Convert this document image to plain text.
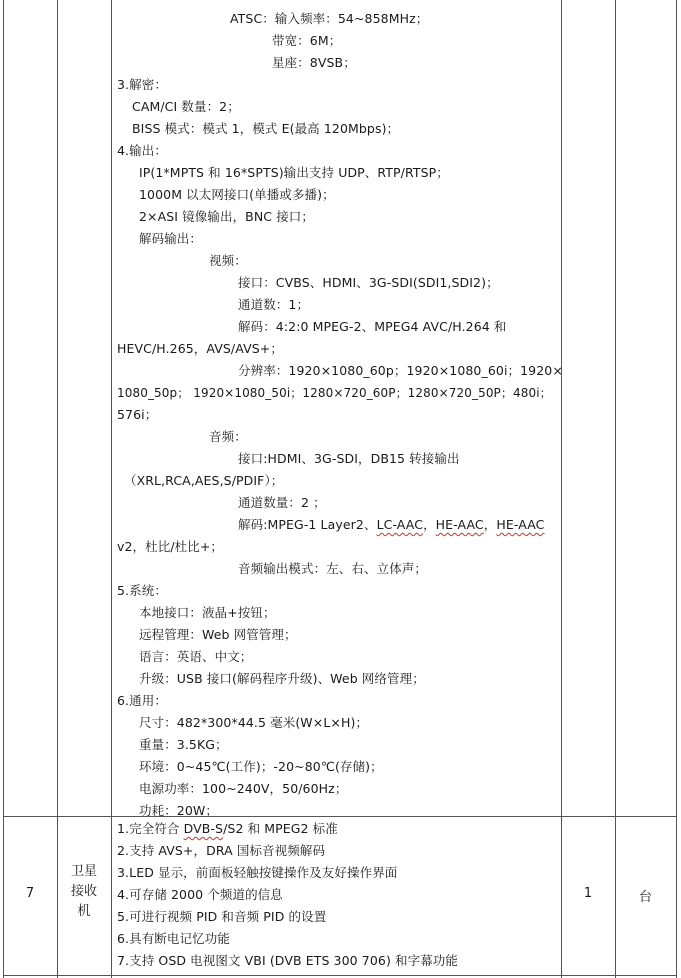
ATSC：输入频率：54~858MHz；
带宽：6M；
星座：8VSB；
3.解密：
CAM/CI 数量：2；
BISS 模式：模式 1，模式 E(最高 120Mbps)；
4.输出：
IP(1*MPTS 和 16*SPTS)输出支持 UDP、RTP/RTSP；
1000M 以太网接口(单播或多播)；
2×ASI 镜像输出，BNC 接口；
解码输出：
视频：
接口：CVBS、HDMI、3G-SDI(SDI1,SDI2)；
通道数：1；
解码：4:2:0 MPEG-2、MPEG4 AVC/H.264 和
HEVC/H.265，AVS/AVS+；
分辨率：1920×1080_60p；1920×1080_60i；1920×
1080_50p； 1920×1080_50i；1280×720_60P；1280×720_50P；480i；
576i；
音频：
接口:HDMI、3G-SDI，DB15 转接输出
（XRL,RCA,AES,S/PDIF）；
通道数量：2 ；
解码:MPEG-1 Layer2、LC-AAC，HE-AAC，HE-AAC
v2，杜比/杜比+；
音频输出模式：左、右、立体声；
5.系统：
本地接口：液晶+按钮；
远程管理：Web 网管管理；
语言：英语、中文；
升级：USB 接口(解码程序升级)、Web 网络管理；
6.通用：
尺寸：482*300*44.5 毫米(W×L×H)；
重量：3.5KG；
环境：0~45℃(工作)；-20~80℃(存储)；
电源功率：100~240V，50/60Hz；
功耗：20W；
7
卫星
接收
机
1.完全符合 DVB-S/S2 和 MPEG2 标准
2.支持 AVS+，DRA 国标音视频解码
3.LED 显示，前面板轻触按键操作及友好操作界面
4.可存储 2000 个频道的信息
5.可进行视频 PID 和音频 PID 的设置
6.具有断电记忆功能
7.支持 OSD 电视图文 VBI (DVB ETS 300 706) 和字幕功能
1	台
